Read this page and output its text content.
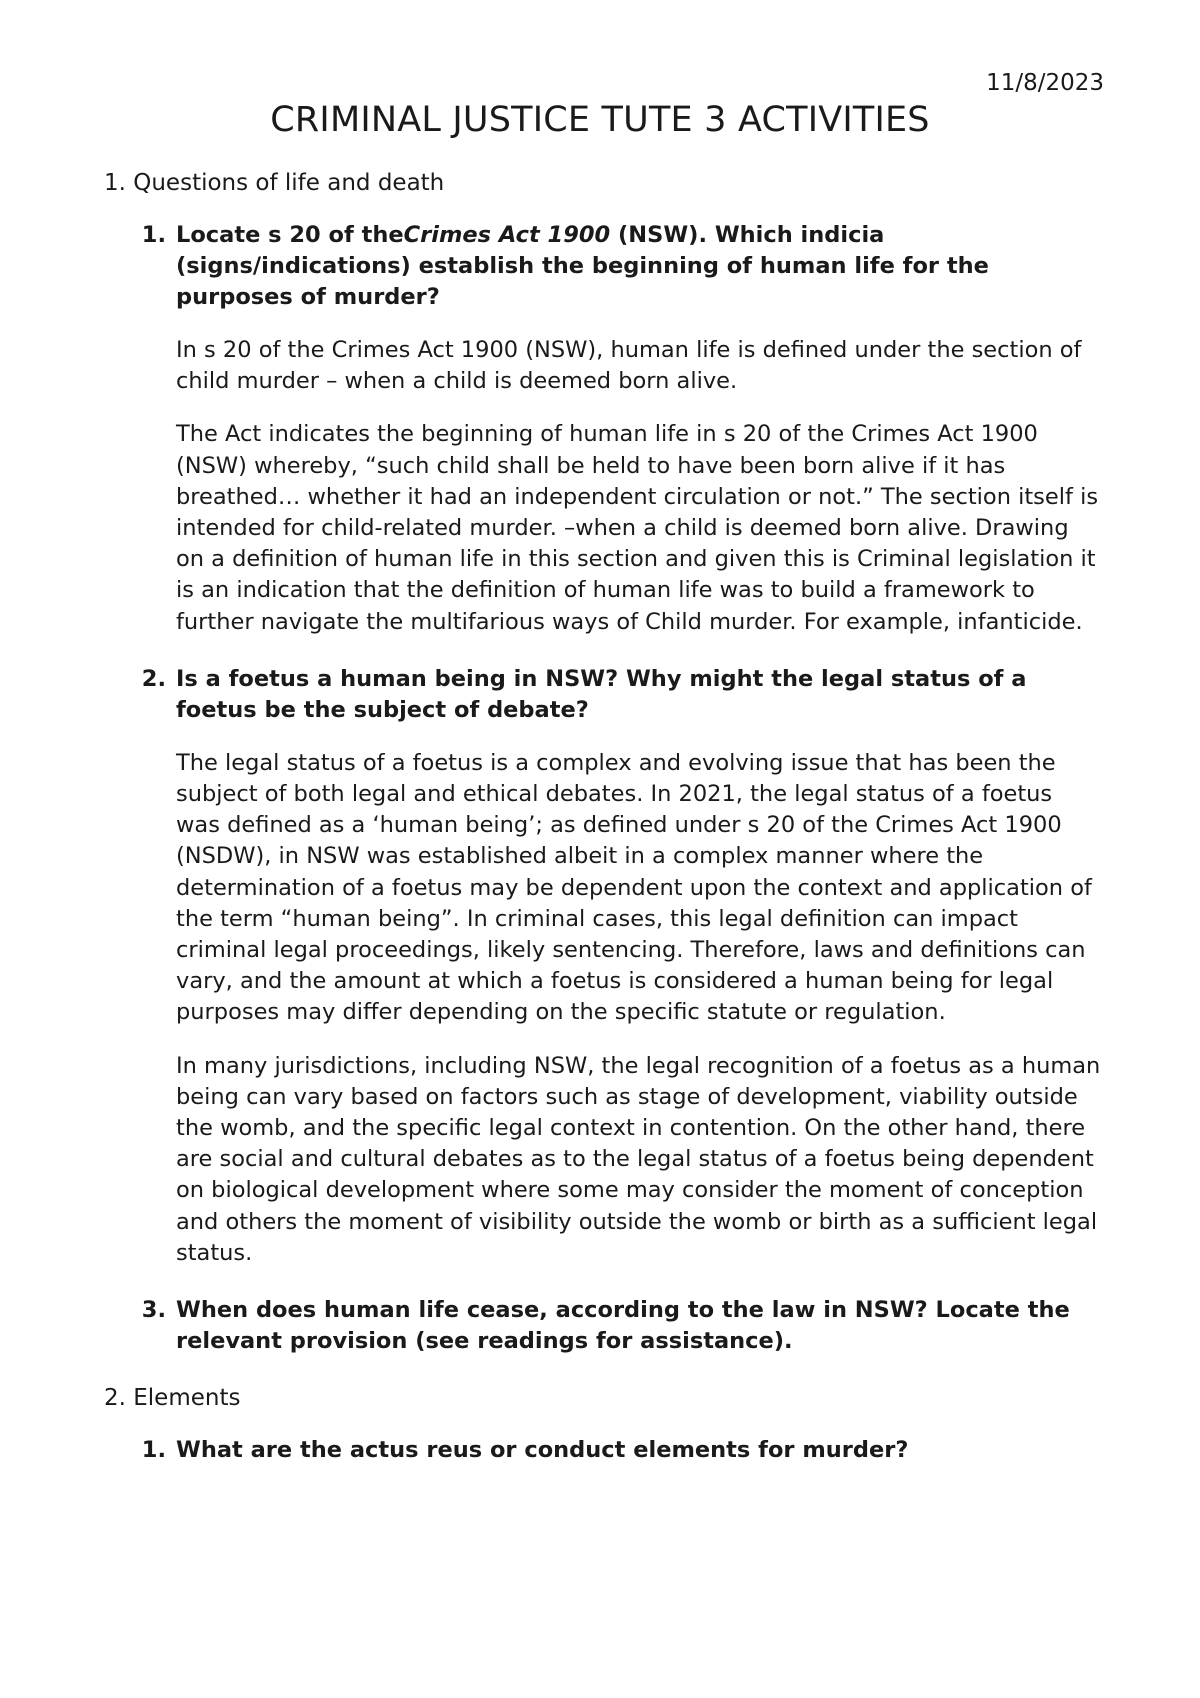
11/8/2023
CRIMINAL JUSTICE TUTE 3 ACTIVITIES
1. Questions of life and death
1. Locate s 20 of theCrimes Act 1900 (NSW). Which indicia (signs/indications) establish the beginning of human life for the purposes of murder?

In s 20 of the Crimes Act 1900 (NSW), human life is defined under the section of child murder – when a child is deemed born alive.

The Act indicates the beginning of human life in s 20 of the Crimes Act 1900 (NSW) whereby, “such child shall be held to have been born alive if it has breathed… whether it had an independent circulation or not.” The section itself is intended for child-related murder. –when a child is deemed born alive. Drawing on a definition of human life in this section and given this is Criminal legislation it is an indication that the definition of human life was to build a framework to further navigate the multifarious ways of Child murder. For example, infanticide.

2. Is a foetus a human being in NSW? Why might the legal status of a foetus be the subject of debate?

The legal status of a foetus is a complex and evolving issue that has been the subject of both legal and ethical debates. In 2021, the legal status of a foetus was defined as a ‘human being’; as defined under s 20 of the Crimes Act 1900 (NSDW), in NSW was established albeit in a complex manner where the determination of a foetus may be dependent upon the context and application of the term “human being”. In criminal cases, this legal definition can impact criminal legal proceedings, likely sentencing. Therefore, laws and definitions can vary, and the amount at which a foetus is considered a human being for legal purposes may differ depending on the specific statute or regulation.

In many jurisdictions, including NSW, the legal recognition of a foetus as a human being can vary based on factors such as stage of development, viability outside the womb, and the specific legal context in contention. On the other hand, there are social and cultural debates as to the legal status of a foetus being dependent on biological development where some may consider the moment of conception and others the moment of visibility outside the womb or birth as a sufficient legal status.

3. When does human life cease, according to the law in NSW? Locate the relevant provision (see readings for assistance).

2. Elements
1. What are the actus reus or conduct elements for murder?
